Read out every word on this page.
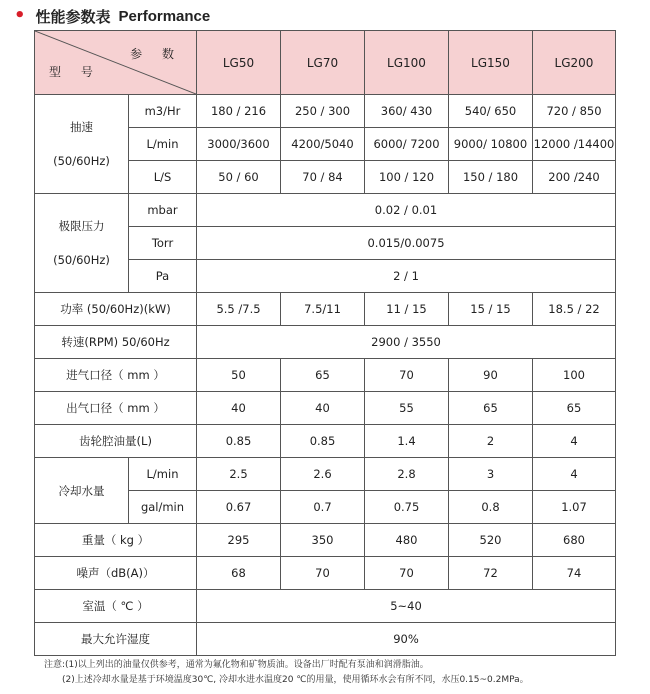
• 性能参数表 Performance
参 数
型 号		LG50	LG70	LG100	LG150	LG200

抽速
(50/60Hz)	m3/Hr	180 / 216	250 / 300	360/ 430	540/ 650	720 / 850
	L/min	3000/3600	4200/5040	6000/ 7200	9000/ 10800	12000 /14400
	L/S	50 / 60	70 / 84	100 / 120	150 / 180	200 /240

极限压力
(50/60Hz)	mbar	0.02 / 0.01				
	Torr	0.015/0.0075				
	Pa	2 / 1				
功率 (50/60Hz)(kW)		5.5 /7.5	7.5/11	11 / 15	15 / 15	18.5 / 22
转速(RPM) 50/60Hz		2900 / 3550				
进气口径（ mm ）		50	65	70	90	100
出气口径（ mm ）		40	40	55	65	65
齿轮腔油量(L)		0.85	0.85	1.4	2	4
冷却水量	L/min	2.5	2.6	2.8	3	4
	gal/min	0.67	0.7	0.75	0.8	1.07
重量（ kg ）		295	350	480	520	680
噪声（dB(A)）		68	70	70	72	74
室温（ ℃ ）		5~40				
最大允许湿度		90%				
注意:(1)以上列出的油量仅供参考，通常为氟化物和矿物质油。设备出厂时配有泵油和润滑脂油。
(2)上述冷却水量是基于环境温度30℃, 冷却水进水温度20 ℃的用量，使用循环水会有所不同，水压0.15~0.2MPa。
